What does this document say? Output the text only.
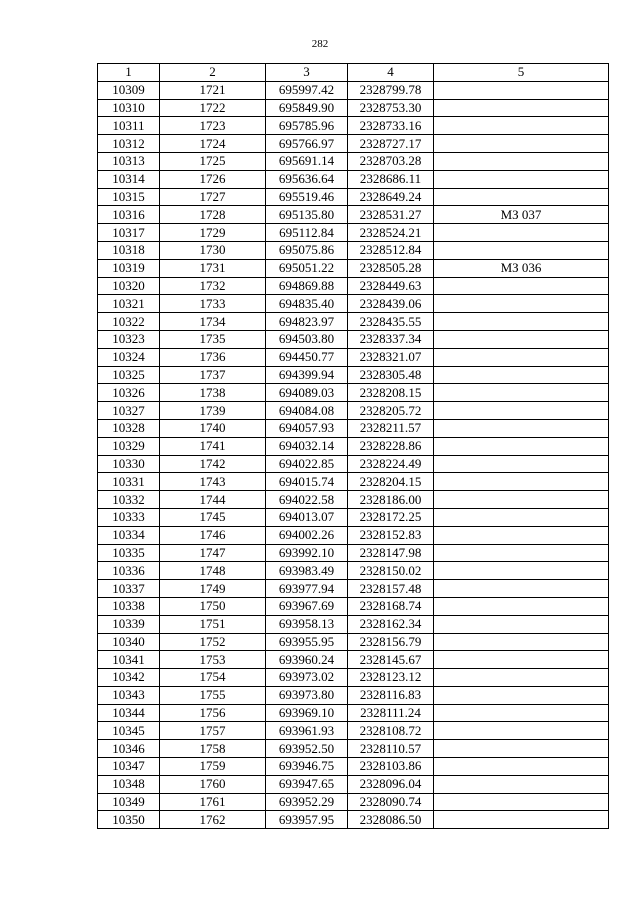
282
1	2	3	4	5
10309	1721	695997.42	2328799.78	
10310	1722	695849.90	2328753.30	
10311	1723	695785.96	2328733.16	
10312	1724	695766.97	2328727.17	
10313	1725	695691.14	2328703.28	
10314	1726	695636.64	2328686.11	
10315	1727	695519.46	2328649.24	
10316	1728	695135.80	2328531.27	МЗ 037
10317	1729	695112.84	2328524.21	
10318	1730	695075.86	2328512.84	
10319	1731	695051.22	2328505.28	МЗ 036
10320	1732	694869.88	2328449.63	
10321	1733	694835.40	2328439.06	
10322	1734	694823.97	2328435.55	
10323	1735	694503.80	2328337.34	
10324	1736	694450.77	2328321.07	
10325	1737	694399.94	2328305.48	
10326	1738	694089.03	2328208.15	
10327	1739	694084.08	2328205.72	
10328	1740	694057.93	2328211.57	
10329	1741	694032.14	2328228.86	
10330	1742	694022.85	2328224.49	
10331	1743	694015.74	2328204.15	
10332	1744	694022.58	2328186.00	
10333	1745	694013.07	2328172.25	
10334	1746	694002.26	2328152.83	
10335	1747	693992.10	2328147.98	
10336	1748	693983.49	2328150.02	
10337	1749	693977.94	2328157.48	
10338	1750	693967.69	2328168.74	
10339	1751	693958.13	2328162.34	
10340	1752	693955.95	2328156.79	
10341	1753	693960.24	2328145.67	
10342	1754	693973.02	2328123.12	
10343	1755	693973.80	2328116.83	
10344	1756	693969.10	2328111.24	
10345	1757	693961.93	2328108.72	
10346	1758	693952.50	2328110.57	
10347	1759	693946.75	2328103.86	
10348	1760	693947.65	2328096.04	
10349	1761	693952.29	2328090.74	
10350	1762	693957.95	2328086.50	
